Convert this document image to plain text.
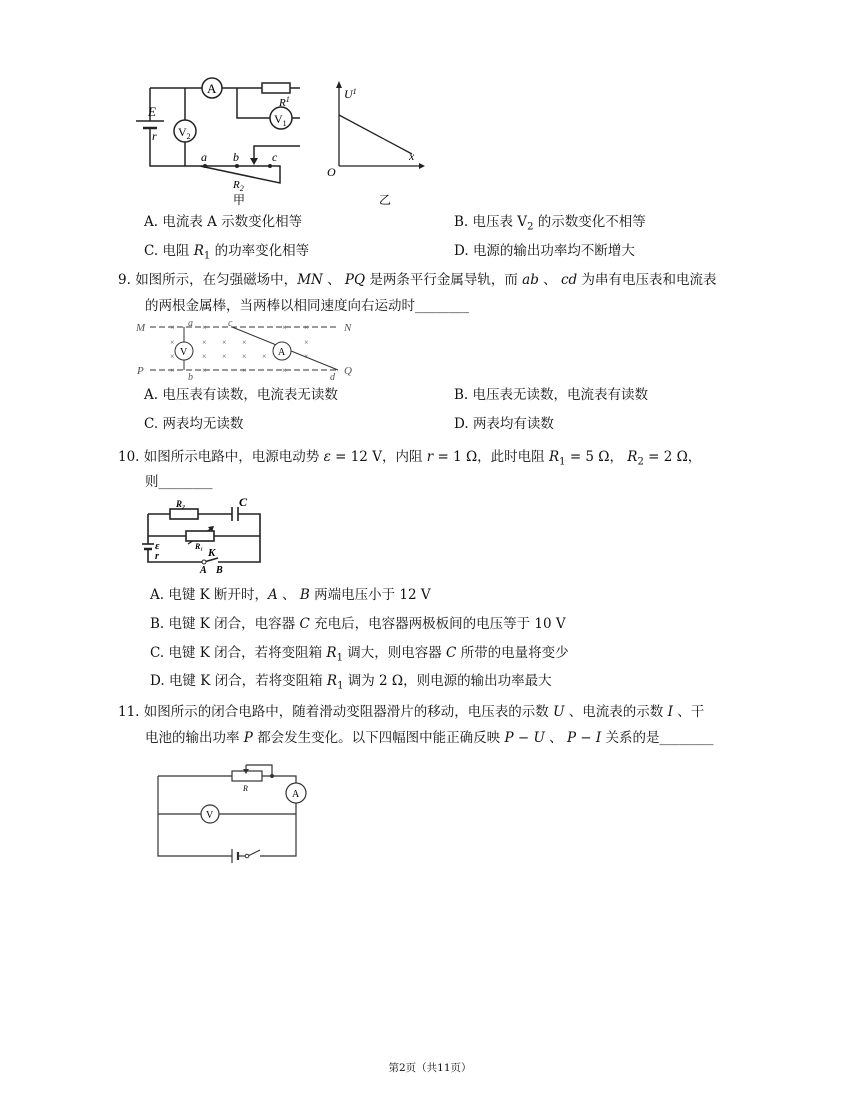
A
$V_2$
$V_1$
E
r
$R^1$
$R_2$
a b	c
甲
$U^1$
x
O
乙
A. 电流表 A 示数变化相等	B. 电压表 $V_2$ 的示数变化不相等
C. 电阻 $R_1$ 的功率变化相等	D. 电源的输出功率均不断增大
9. 如图所示，在匀强磁场中，MN 、 PQ 是两条平行金属导轨，而 ab 、 cd 为串有电压表和电流表
的两根金属棒，当两棒以相同速度向右运动时________
×	×	× ×
×	× × ×	×
×	× × × ×	×
×	×	×	×
V	A
M	N
P	Q
a
b
c
d
A. 电压表有读数，电流表无读数	B. 电压表无读数，电流表有读数
C. 两表均无读数	D. 两表均有读数
10. 如图所示电路中，电源电动势 ε = 12 V，内阻 r = 1 Ω，此时电阻 $R_1 = 5$ Ω， $R_2 = 2$ Ω，
则________
R₂	C
R₁
ε
r	K
A B
A. 电键 K 断开时，A 、 B 两端电压小于 12 V
B. 电键 K 闭合，电容器 C 充电后，电容器两极板间的电压等于 10 V
C. 电键 K 闭合，若将变阻箱 $R_1$ 调大，则电容器 C 所带的电量将变少
D. 电键 K 闭合，若将变阻箱 $R_1$ 调为 2 Ω，则电源的输出功率最大
11. 如图所示的闭合电路中，随着滑动变阻器滑片的移动，电压表的示数 U 、电流表的示数 I 、干
电池的输出功率 P 都会发生变化。以下四幅图中能正确反映 P − U 、 P − I 关系的是________
R
A
V
第2页（共11页）
